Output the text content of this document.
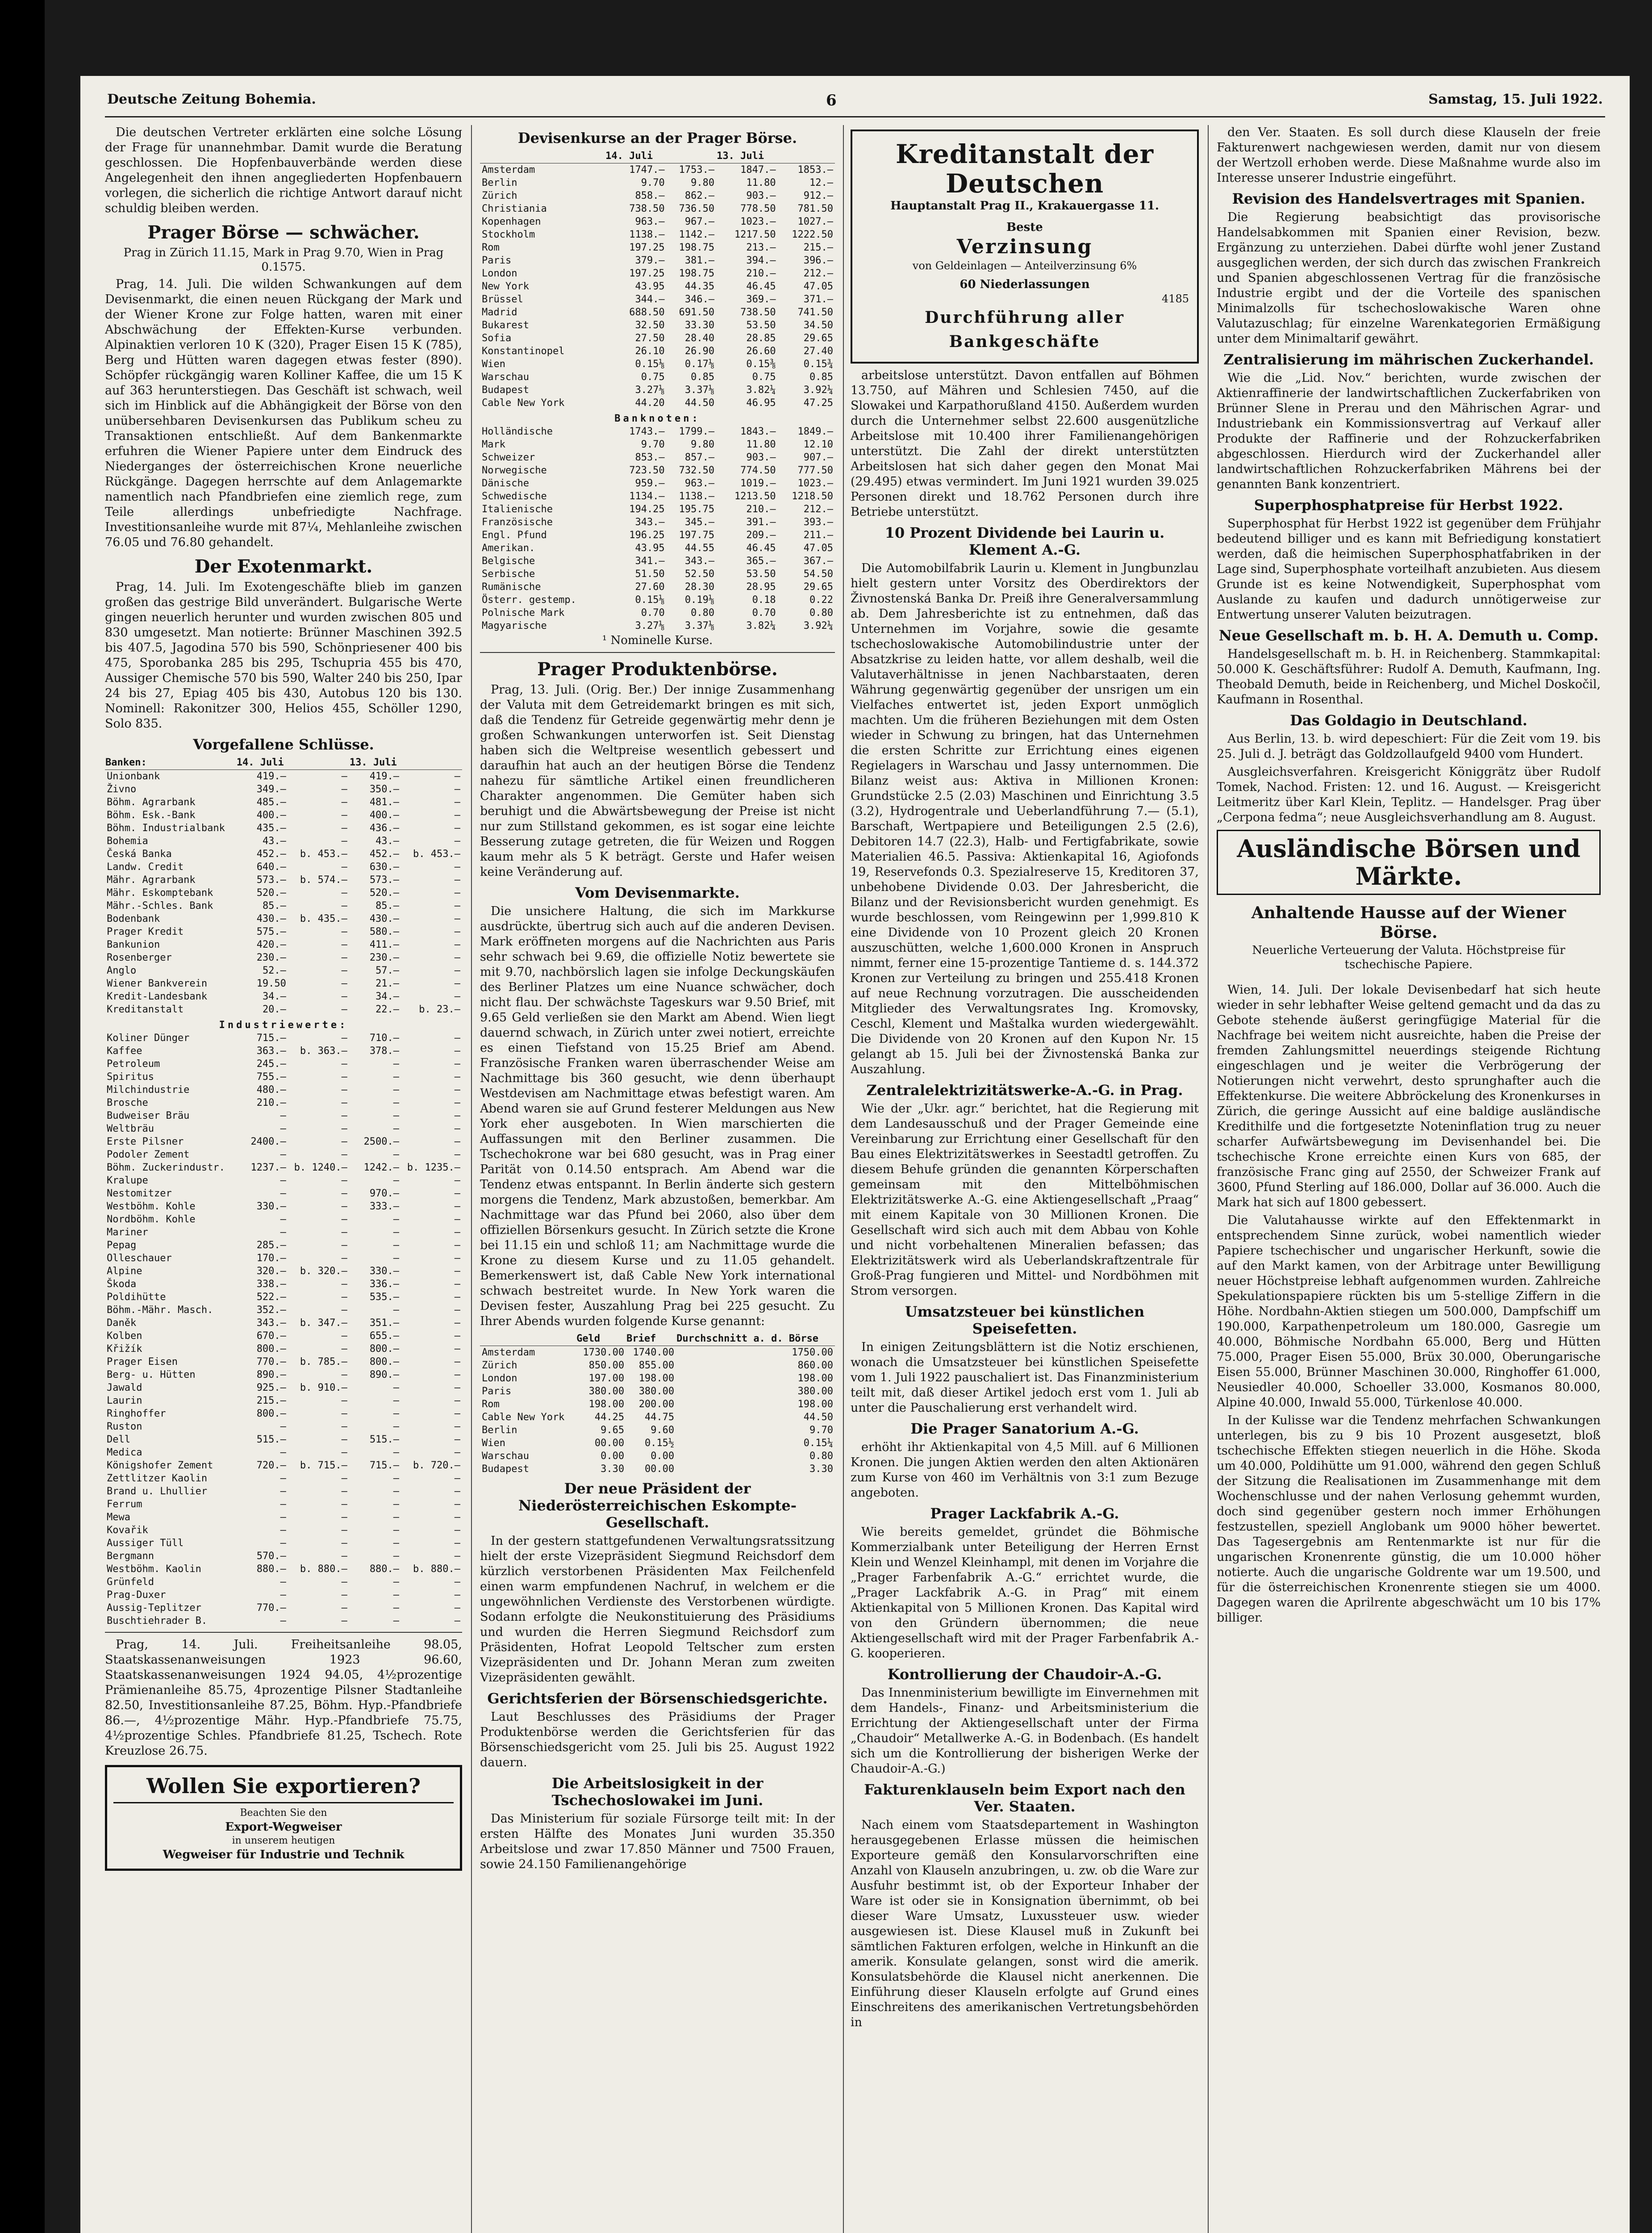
Deutsche Zeitung Bohemia.	6	Samstag, 15. Juli 1922.

Die deutschen Vertreter erklärten eine solche Lösung der Frage für unannehmbar. Damit wurde die Beratung geschlossen. Die Hopfenbauverbände werden diese Angelegenheit den ihnen angegliederten Hopfenbauern vorlegen, die sicherlich die richtige Antwort darauf nicht schuldig bleiben werden.

Prager Börse — schwächer.
Prag in Zürich 11.15, Mark in Prag 9.70, Wien in Prag 0.1575.

Prag, 14. Juli. Die wilden Schwankungen auf dem Devisenmarkt, die einen neuen Rückgang der Mark und der Wiener Krone zur Folge hatten, waren mit einer Abschwächung der Effekten-Kurse verbunden. Alpinaktien verloren 10 K (320), Prager Eisen 15 K (785), Berg und Hütten waren dagegen etwas fester (890). Schöpfer rückgängig waren Kolliner Kaffee, die um 15 K auf 363 herunterstiegen. Das Geschäft ist schwach, weil sich im Hinblick auf die Abhängigkeit der Börse von den unübersehbaren Devisenkursen das Publikum scheu zu Transaktionen entschließt. Auf dem Bankenmarkte erfuhren die Wiener Papiere unter dem Eindruck des Niederganges der österreichischen Krone neuerliche Rückgänge. Dagegen herrschte auf dem Anlagemarkte namentlich nach Pfandbriefen eine ziemlich rege, zum Teile allerdings unbefriedigte Nachfrage. Investitionsanleihe wurde mit 87¼, Mehlanleihe zwischen 76.05 und 76.80 gehandelt.

Der Exotenmarkt.

Prag, 14. Juli. Im Exotengeschäfte blieb im ganzen großen das gestrige Bild unverändert. Bulgarische Werte gingen neuerlich herunter und wurden zwischen 805 und 830 umgesetzt. Man notierte: Brünner Maschinen 392.5 bis 407.5, Jagodina 570 bis 590, Schönpriesener 400 bis 475, Sporobanka 285 bis 295, Tschupria 455 bis 470, Aussiger Chemische 570 bis 590, Walter 240 bis 250, Ipar 24 bis 27, Epiag 405 bis 430, Autobus 120 bis 130. Nominell: Rakonitzer 300, Helios 455, Schöller 1290, Solo 835.

Vorgefallene Schlüsse.
Banken:	14. Juli		13. Juli	
Unionbank	419.—	—	419.—	—
Živno	349.—	—	350.—	—
Böhm. Agrarbank	485.—	—	481.—	—
Böhm. Esk.-Bank	400.—	—	400.—	—
Böhm. Industrialbank	435.—	—	436.—	—
Bohemia	43.—	—	43.—	—
Česká Banka	452.—	b. 453.—	452.—	b. 453.—
Landw. Credit	640.—	—	630.—	—
Mähr. Agrarbank	573.—	b. 574.—	573.—	—
Mähr. Eskomptebank	520.—	—	520.—	—
Mähr.-Schles. Bank	85.—	—	85.—	—
Bodenbank	430.—	b. 435.—	430.—	—
Prager Kredit	575.—	—	580.—	—
Bankunion	420.—	—	411.—	—
Rosenberger	230.—	—	230.—	—
Anglo	52.—	—	57.—	—
Wiener Bankverein	19.50	—	21.—	—
Kredit-Landesbank	34.—	—	34.—	—
Kreditanstalt	20.—	—	22.—	b. 23.—
Industriewerte:				
Koliner Dünger	715.—	—	710.—	—
Kaffee	363.—	b. 363.—	378.—	—
Petroleum	245.—	—	—	—
Spiritus	755.—	—	—	—
Milchindustrie	480.—	—	—	—
Brosche	210.—	—	—	—
Budweiser Bräu	—	—	—	—
Weltbräu	—	—	—	—
Erste Pilsner	2400.—	—	2500.—	—
Podoler Zement	—	—	—	—
Böhm. Zuckerindustr.	1237.—	b. 1240.—	1242.—	b. 1235.—
Kralupe	—	—	—	—
Nestomitzer	—	—	970.—	—
Westböhm. Kohle	330.—	—	333.—	—
Nordböhm. Kohle	—	—	—	—
Mariner	—	—	—	—
Pepag	285.—	—	—	—
Olleschauer	170.—	—	—	—
Alpine	320.—	b. 320.—	330.—	—
Škoda	338.—	—	336.—	—
Poldihütte	522.—	—	535.—	—
Böhm.-Mähr. Masch.	352.—	—	—	—
Daněk	343.—	b. 347.—	351.—	—
Kolben	670.—	—	655.—	—
Křižík	800.—	—	800.—	—
Prager Eisen	770.—	b. 785.—	800.—	—
Berg- u. Hütten	890.—	—	890.—	—
Jawald	925.—	b. 910.—	—	—
Laurin	215.—	—	—	—
Ringhoffer	800.—	—	—	—
Ruston	—	—	—	—
Dell	515.—	—	515.—	—
Medica	—	—	—	—
Königshofer Zement	720.—	b. 715.—	715.—	b. 720.—
Zettlitzer Kaolin	—	—	—	—
Brand u. Lhullier	—	—	—	—
Ferrum	—	—	—	—
Mewa	—	—	—	—
Kovařik	—	—	—	—
Aussiger Tüll	—	—	—	—
Bergmann	570.—	—	—	—
Westböhm. Kaolin	880.—	b. 880.—	880.—	b. 880.—
Grünfeld	—	—	—	—
Prag-Duxer	—	—	—	—
Aussig-Teplitzer	770.—	—	—	—
Buschtiehrader B.	—	—	—	—

Prag, 14. Juli. Freiheitsanleihe 98.05, Staatskassenanweisungen 1923 96.60, Staatskassenanweisungen 1924 94.05, 4½prozentige Prämienanleihe 85.75, 4prozentige Pilsner Stadtanleihe 82.50, Investitionsanleihe 87.25, Böhm. Hyp.-Pfandbriefe 86.—, 4½prozentige Mähr. Hyp.-Pfandbriefe 75.75, 4½prozentige Schles. Pfandbriefe 81.25, Tschech. Rote Kreuzlose 26.75.

Wollen Sie exportieren?
Beachten Sie den
Export-Wegweiser
in unserem heutigen
Wegweiser für Industrie und Technik
Devisenkurse an der Prager Börse.
	14. Juli		13. Juli	
Amsterdam	1747.—	1753.—	1847.—	1853.—
Berlin	9.70	9.80	11.80	12.—
Zürich	858.—	862.—	903.—	912.—
Christiania	738.50	736.50	778.50	781.50
Kopenhagen	963.—	967.—	1023.—	1027.—
Stockholm	1138.—	1142.—	1217.50	1222.50
Rom	197.25	198.75	213.—	215.—
Paris	379.—	381.—	394.—	396.—
London	197.25	198.75	210.—	212.—
New York	43.95	44.35	46.45	47.05
Brüssel	344.—	346.—	369.—	371.—
Madrid	688.50	691.50	738.50	741.50
Bukarest	32.50	33.30	53.50	34.50
Sofia	27.50	28.40	28.85	29.65
Konstantinopel	26.10	26.90	26.60	27.40
Wien	0.15⅛	0.17⅛	0.15⅜	0.15¾
Warschau	0.75	0.85	0.75	0.85
Budapest	3.27⅛	3.37⅛	3.82¼	3.92¼
Cable New York	44.20	44.50	46.95	47.25
Banknoten:				
Holländische	1743.—	1799.—	1843.—	1849.—
Mark	9.70	9.80	11.80	12.10
Schweizer	853.—	857.—	903.—	907.—
Norwegische	723.50	732.50	774.50	777.50
Dänische	959.—	963.—	1019.—	1023.—
Schwedische	1134.—	1138.—	1213.50	1218.50
Italienische	194.25	195.75	210.—	212.—
Französische	343.—	345.—	391.—	393.—
Engl. Pfund	196.25	197.75	209.—	211.—
Amerikan.	43.95	44.55	46.45	47.05
Belgische	341.—	343.—	365.—	367.—
Serbische	51.50	52.50	53.50	54.50
Rumänische	27.60	28.30	28.95	29.65
Österr. gestemp.	0.15⅛	0.19⅛	0.18	0.22
Polnische Mark	0.70	0.80	0.70	0.80
Magyarische	3.27⅛	3.37⅛	3.82¼	3.92¼
¹ Nominelle Kurse.
Prager Produktenbörse.

Prag, 13. Juli. (Orig. Ber.) Der innige Zusammenhang der Valuta mit dem Getreidemarkt bringen es mit sich, daß die Tendenz für Getreide gegenwärtig mehr denn je großen Schwankungen unterworfen ist. Seit Dienstag haben sich die Weltpreise wesentlich gebessert und daraufhin hat auch an der heutigen Börse die Tendenz nahezu für sämtliche Artikel einen freundlicheren Charakter angenommen. Die Gemüter haben sich beruhigt und die Abwärtsbewegung der Preise ist nicht nur zum Stillstand gekommen, es ist sogar eine leichte Besserung zutage getreten, die für Weizen und Roggen kaum mehr als 5 K beträgt. Gerste und Hafer weisen keine Veränderung auf.

Vom Devisenmarkte.

Die unsichere Haltung, die sich im Markkurse ausdrückte, übertrug sich auch auf die anderen Devisen. Mark eröffneten morgens auf die Nachrichten aus Paris sehr schwach bei 9.69, die offizielle Notiz bewertete sie mit 9.70, nachbörslich lagen sie infolge Deckungskäufen des Berliner Platzes um eine Nuance schwächer, doch nicht flau. Der schwächste Tageskurs war 9.50 Brief, mit 9.65 Geld verließen sie den Markt am Abend. Wien liegt dauernd schwach, in Zürich unter zwei notiert, erreichte es einen Tiefstand von 15.25 Brief am Abend. Französische Franken waren überraschender Weise am Nachmittage bis 360 gesucht, wie denn überhaupt Westdevisen am Nachmittage etwas befestigt waren. Am Abend waren sie auf Grund festerer Meldungen aus New York eher ausgeboten. In Wien marschierten die Auffassungen mit den Berliner zusammen. Die Tschechokrone war bei 680 gesucht, was in Prag einer Parität von 0.14.50 entsprach. Am Abend war die Tendenz etwas entspannt. In Berlin änderte sich gestern morgens die Tendenz, Mark abzustoßen, bemerkbar. Am Nachmittage war das Pfund bei 2060, also über dem offiziellen Börsenkurs gesucht. In Zürich setzte die Krone bei 11.15 ein und schloß 11; am Nachmittage wurde die Krone zu diesem Kurse und zu 11.05 gehandelt. Bemerkenswert ist, daß Cable New York international schwach bestreitet wurde. In New York waren die Devisen fester, Auszahlung Prag bei 225 gesucht. Zu Ihrer Abends wurden folgende Kurse genannt:

	Geld	Brief	Durchschnitt a. d. Börse
Amsterdam	1730.00	1740.00	1750.00
Zürich	850.00	855.00	860.00
London	197.00	198.00	198.00
Paris	380.00	380.00	380.00
Rom	198.00	200.00	198.00
Cable New York	44.25	44.75	44.50
Berlin	9.65	9.60	9.70
Wien	00.00	0.15½	0.15¼
Warschau	0.00	0.00	0.80
Budapest	3.30	00.00	3.30
Der neue Präsident der Niederösterreichischen Eskompte-Gesellschaft.

In der gestern stattgefundenen Verwaltungsratssitzung hielt der erste Vizepräsident Siegmund Reichsdorf dem kürzlich verstorbenen Präsidenten Max Feilchenfeld einen warm empfundenen Nachruf, in welchem er die ungewöhnlichen Verdienste des Verstorbenen würdigte. Sodann erfolgte die Neukonstituierung des Präsidiums und wurden die Herren Siegmund Reichsdorf zum Präsidenten, Hofrat Leopold Teltscher zum ersten Vizepräsidenten und Dr. Johann Meran zum zweiten Vizepräsidenten gewählt.

Gerichtsferien der Börsenschiedsgerichte.

Laut Beschlusses des Präsidiums der Prager Produktenbörse werden die Gerichtsferien für das Börsenschiedsgericht vom 25. Juli bis 25. August 1922 dauern.

Die Arbeitslosigkeit in der Tschechoslowakei im Juni.

Das Ministerium für soziale Fürsorge teilt mit: In der ersten Hälfte des Monates Juni wurden 35.350 Arbeitslose und zwar 17.850 Männer und 7500 Frauen, sowie 24.150 Familienangehörige

Kreditanstalt der Deutschen
Hauptanstalt Prag II., Krakauergasse 11.
Beste
Verzinsung
von Geldeinlagen — Anteilverzinsung 6%
60 Niederlassungen
4185
Durchführung aller Bankgeschäfte

arbeitslose unterstützt. Davon entfallen auf Böhmen 13.750, auf Mähren und Schlesien 7450, auf die Slowakei und Karpathorußland 4150. Außerdem wurden durch die Unternehmer selbst 22.600 ausgenützliche Arbeitslose mit 10.400 ihrer Familienangehörigen unterstützt. Die Zahl der direkt unterstützten Arbeitslosen hat sich daher gegen den Monat Mai (29.495) etwas vermindert. Im Juni 1921 wurden 39.025 Personen direkt und 18.762 Personen durch ihre Betriebe unterstützt.

10 Prozent Dividende bei Laurin u. Klement A.-G.

Die Automobilfabrik Laurin u. Klement in Jungbunzlau hielt gestern unter Vorsitz des Oberdirektors der Živnostenská Banka Dr. Preiß ihre Generalversammlung ab. Dem Jahresberichte ist zu entnehmen, daß das Unternehmen im Vorjahre, sowie die gesamte tschechoslowakische Automobilindustrie unter der Absatzkrise zu leiden hatte, vor allem deshalb, weil die Valutaverhältnisse in jenen Nachbarstaaten, deren Währung gegenwärtig gegenüber der unsrigen um ein Vielfaches entwertet ist, jeden Export unmöglich machten. Um die früheren Beziehungen mit dem Osten wieder in Schwung zu bringen, hat das Unternehmen die ersten Schritte zur Errichtung eines eigenen Regielagers in Warschau und Jassy unternommen. Die Bilanz weist aus: Aktiva in Millionen Kronen: Grundstücke 2.5 (2.03) Maschinen und Einrichtung 3.5 (3.2), Hydrogentrale und Ueberlandführung 7.— (5.1), Barschaft, Wertpapiere und Beteiligungen 2.5 (2.6), Debitoren 14.7 (22.3), Halb- und Fertigfabrikate, sowie Materialien 46.5. Passiva: Aktienkapital 16, Agiofonds 19, Reservefonds 0.3. Spezialreserve 15, Kreditoren 37, unbehobene Dividende 0.03. Der Jahresbericht, die Bilanz und der Revisionsbericht wurden genehmigt. Es wurde beschlossen, vom Reingewinn per 1,999.810 K eine Dividende von 10 Prozent gleich 20 Kronen auszuschütten, welche 1,600.000 Kronen in Anspruch nimmt, ferner eine 15-prozentige Tantieme d. s. 144.372 Kronen zur Verteilung zu bringen und 255.418 Kronen auf neue Rechnung vorzutragen. Die ausscheidenden Mitglieder des Verwaltungsrates Ing. Kromovsky, Ceschl, Klement und Maštalka wurden wiedergewählt. Die Dividende von 20 Kronen auf den Kupon Nr. 15 gelangt ab 15. Juli bei der Živnostenská Banka zur Auszahlung.

Zentralelektrizitätswerke-A.-G. in Prag.

Wie der „Ukr. agr.“ berichtet, hat die Regierung mit dem Landesausschuß und der Prager Gemeinde eine Vereinbarung zur Errichtung einer Gesellschaft für den Bau eines Elektrizitätswerkes in Seestadtl getroffen. Zu diesem Behufe gründen die genannten Körperschaften gemeinsam mit den Mittelböhmischen Elektrizitätswerke A.-G. eine Aktiengesellschaft „Praag“ mit einem Kapitale von 30 Millionen Kronen. Die Gesellschaft wird sich auch mit dem Abbau von Kohle und nicht vorbehaltenen Mineralien befassen; das Elektrizitätswerk wird als Ueberlandskraftzentrale für Groß-Prag fungieren und Mittel- und Nordböhmen mit Strom versorgen.

Umsatzsteuer bei künstlichen Speisefetten.

In einigen Zeitungsblättern ist die Notiz erschienen, wonach die Umsatzsteuer bei künstlichen Speisefette vom 1. Juli 1922 pauschaliert ist. Das Finanzministerium teilt mit, daß dieser Artikel jedoch erst vom 1. Juli ab unter die Pauschalierung erst verhandelt wird.

Die Prager Sanatorium A.-G.

erhöht ihr Aktienkapital von 4,5 Mill. auf 6 Millionen Kronen. Die jungen Aktien werden den alten Aktionären zum Kurse von 460 im Verhältnis von 3:1 zum Bezuge angeboten.

Prager Lackfabrik A.-G.

Wie bereits gemeldet, gründet die Böhmische Kommerzialbank unter Beteiligung der Herren Ernst Klein und Wenzel Kleinhampl, mit denen im Vorjahre die „Prager Farbenfabrik A.-G.“ errichtet wurde, die „Prager Lackfabrik A.-G. in Prag“ mit einem Aktienkapital von 5 Millionen Kronen. Das Kapital wird von den Gründern übernommen; die neue Aktiengesellschaft wird mit der Prager Farbenfabrik A.-G. kooperieren.

Kontrollierung der Chaudoir-A.-G.

Das Innenministerium bewilligte im Einvernehmen mit dem Handels-, Finanz- und Arbeitsministerium die Errichtung der Aktiengesellschaft unter der Firma „Chaudoir“ Metallwerke A.-G. in Bodenbach. (Es handelt sich um die Kontrollierung der bisherigen Werke der Chaudoir-A.-G.)

Fakturenklauseln beim Export nach den Ver. Staaten.

Nach einem vom Staatsdepartement in Washington herausgegebenen Erlasse müssen die heimischen Exporteure gemäß den Konsularvorschriften eine Anzahl von Klauseln anzubringen, u. zw. ob die Ware zur Ausfuhr bestimmt ist, ob der Exporteur Inhaber der Ware ist oder sie in Konsignation übernimmt, ob bei dieser Ware Umsatz, Luxussteuer usw. wieder ausgewiesen ist. Diese Klausel muß in Zukunft bei sämtlichen Fakturen erfolgen, welche in Hinkunft an die amerik. Konsulate gelangen, sonst wird die amerik. Konsulatsbehörde die Klausel nicht anerkennen. Die Einführung dieser Klauseln erfolgte auf Grund eines Einschreitens des amerikanischen Vertretungsbehörden in

den Ver. Staaten. Es soll durch diese Klauseln der freie Fakturenwert nachgewiesen werden, damit nur von diesem der Wertzoll erhoben werde. Diese Maßnahme wurde also im Interesse unserer Industrie eingeführt.

Revision des Handelsvertrages mit Spanien.

Die Regierung beabsichtigt das provisorische Handelsabkommen mit Spanien einer Revision, bezw. Ergänzung zu unterziehen. Dabei dürfte wohl jener Zustand ausgeglichen werden, der sich durch das zwischen Frankreich und Spanien abgeschlossenen Vertrag für die französische Industrie ergibt und der die Vorteile des spanischen Minimalzolls für tschechoslowakische Waren ohne Valutazuschlag; für einzelne Warenkategorien Ermäßigung unter dem Minimaltarif gewährt.

Zentralisierung im mährischen Zuckerhandel.

Wie die „Lid. Nov.“ berichten, wurde zwischen der Aktienraffinerie der landwirtschaftlichen Zuckerfabriken von Brünner Slene in Prerau und den Mährischen Agrar- und Industriebank ein Kommissionsvertrag auf Verkauf aller Produkte der Raffinerie und der Rohzuckerfabriken abgeschlossen. Hierdurch wird der Zuckerhandel aller landwirtschaftlichen Rohzuckerfabriken Mährens bei der genannten Bank konzentriert.

Superphosphatpreise für Herbst 1922.

Superphosphat für Herbst 1922 ist gegenüber dem Frühjahr bedeutend billiger und es kann mit Befriedigung konstatiert werden, daß die heimischen Superphosphatfabriken in der Lage sind, Superphosphate vorteilhaft anzubieten. Aus diesem Grunde ist es keine Notwendigkeit, Superphosphat vom Auslande zu kaufen und dadurch unnötigerweise zur Entwertung unserer Valuten beizutragen.

Neue Gesellschaft m. b. H. A. Demuth u. Comp.

Handelsgesellschaft m. b. H. in Reichenberg. Stammkapital: 50.000 K. Geschäftsführer: Rudolf A. Demuth, Kaufmann, Ing. Theobald Demuth, beide in Reichenberg, und Michel Doskočil, Kaufmann in Rosenthal.

Das Goldagio in Deutschland.

Aus Berlin, 13. b. wird depeschiert: Für die Zeit vom 19. bis 25. Juli d. J. beträgt das Goldzollaufgeld 9400 vom Hundert.

Ausgleichsverfahren. Kreisgericht Königgrätz über Rudolf Tomek, Nachod. Fristen: 12. und 16. August. — Kreisgericht Leitmeritz über Karl Klein, Teplitz. — Handelsger. Prag über „Cerpona fedma“; neue Ausgleichsverhandlung am 8. August.

Ausländische Börsen und Märkte.
Anhaltende Hausse auf der Wiener Börse.
Neuerliche Verteuerung der Valuta. Höchstpreise für tschechische Papiere.

Wien, 14. Juli. Der lokale Devisenbedarf hat sich heute wieder in sehr lebhafter Weise geltend gemacht und da das zu Gebote stehende äußerst geringfügige Material für die Nachfrage bei weitem nicht ausreichte, haben die Preise der fremden Zahlungsmittel neuerdings steigende Richtung eingeschlagen und je weiter die Verbrögerung der Notierungen nicht verwehrt, desto sprunghafter auch die Effektenkurse. Die weitere Abbröckelung des Kronenkurses in Zürich, die geringe Aussicht auf eine baldige ausländische Kredithilfe und die fortgesetzte Noteninflation trug zu neuer scharfer Aufwärtsbewegung im Devisenhandel bei. Die tschechische Krone erreichte einen Kurs von 685, der französische Franc ging auf 2550, der Schweizer Frank auf 3600, Pfund Sterling auf 186.000, Dollar auf 36.000. Auch die Mark hat sich auf 1800 gebessert.

Die Valutahausse wirkte auf den Effektenmarkt in entsprechendem Sinne zurück, wobei namentlich wieder Papiere tschechischer und ungarischer Herkunft, sowie die auf den Markt kamen, von der Arbitrage unter Bewilligung neuer Höchstpreise lebhaft aufgenommen wurden. Zahlreiche Spekulationspapiere rückten bis um 5-stellige Ziffern in die Höhe. Nordbahn-Aktien stiegen um 500.000, Dampfschiff um 190.000, Karpathenpetroleum um 180.000, Gasregie um 40.000, Böhmische Nordbahn 65.000, Berg und Hütten 75.000, Prager Eisen 55.000, Brüx 30.000, Oberungarische Eisen 55.000, Brünner Maschinen 30.000, Ringhoffer 61.000, Neusiedler 40.000, Schoeller 33.000, Kosmanos 80.000, Alpine 40.000, Inwald 55.000, Türkenlose 40.000.

In der Kulisse war die Tendenz mehrfachen Schwankungen unterlegen, bis zu 9 bis 10 Prozent ausgesetzt, bloß tschechische Effekten stiegen neuerlich in die Höhe. Skoda um 40.000, Poldihütte um 91.000, während den gegen Schluß der Sitzung die Realisationen im Zusammenhange mit dem Wochenschlusse und der nahen Verlosung gehemmt wurden, doch sind gegenüber gestern noch immer Erhöhungen festzustellen, speziell Anglobank um 9000 höher bewertet. Das Tagesergebnis am Rentenmarkte ist nur für die ungarischen Kronenrente günstig, die um 10.000 höher notierte. Auch die ungarische Goldrente war um 19.500, und für die österreichischen Kronenrente stiegen sie um 4000. Dagegen waren die Aprilrente abgeschwächt um 10 bis 17% billiger.
